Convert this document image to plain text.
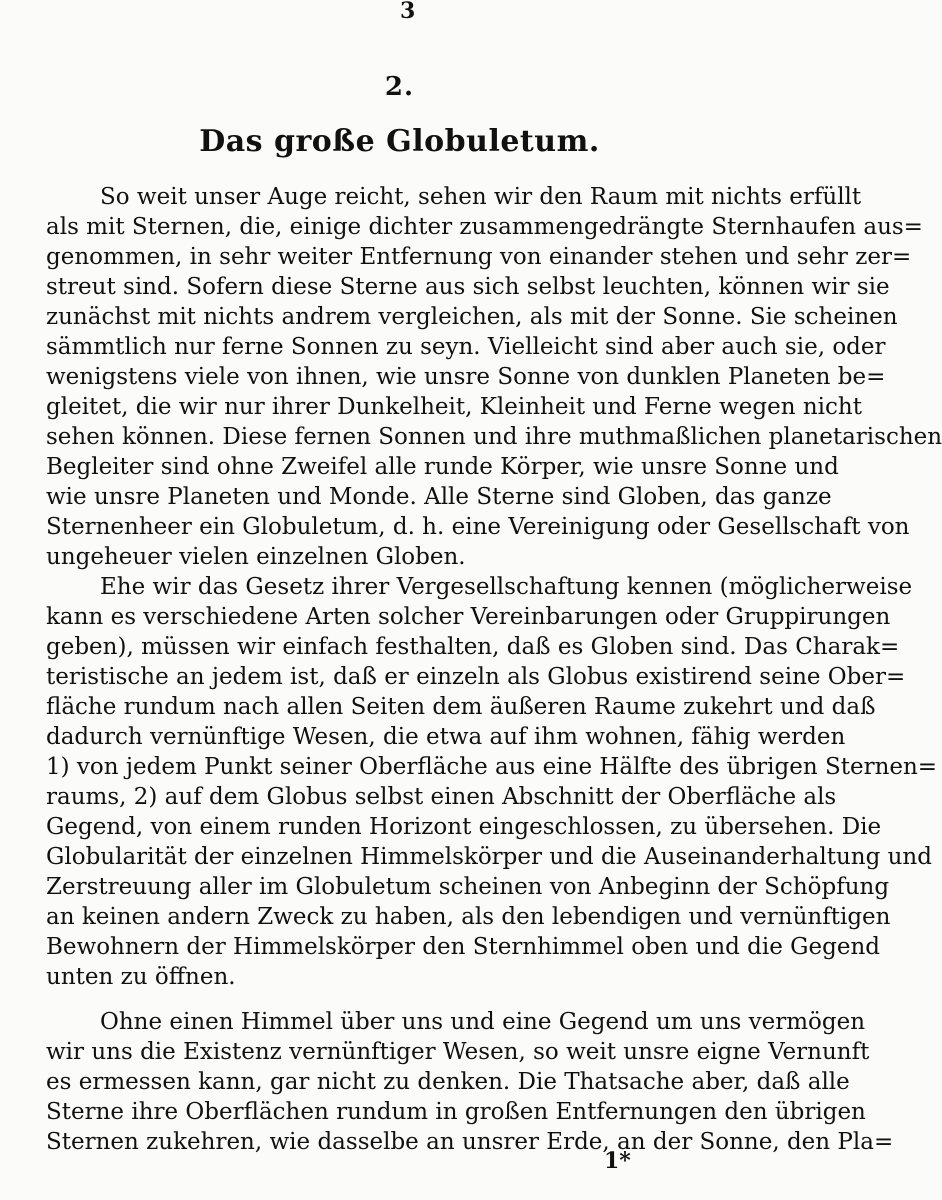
3
2.
Das große Globuletum.
So weit unser Auge reicht, sehen wir den Raum mit nichts erfüllt
als mit Sternen, die, einige dichter zusammengedrängte Sternhaufen aus=
genommen, in sehr weiter Entfernung von einander stehen und sehr zer=
streut sind. Sofern diese Sterne aus sich selbst leuchten, können wir sie
zunächst mit nichts andrem vergleichen, als mit der Sonne. Sie scheinen
sämmtlich nur ferne Sonnen zu seyn. Vielleicht sind aber auch sie, oder
wenigstens viele von ihnen, wie unsre Sonne von dunklen Planeten be=
gleitet, die wir nur ihrer Dunkelheit, Kleinheit und Ferne wegen nicht
sehen können. Diese fernen Sonnen und ihre muthmaßlichen planetarischen
Begleiter sind ohne Zweifel alle runde Körper, wie unsre Sonne und
wie unsre Planeten und Monde. Alle Sterne sind Globen, das ganze
Sternenheer ein Globuletum, d. h. eine Vereinigung oder Gesellschaft von
ungeheuer vielen einzelnen Globen.
Ehe wir das Gesetz ihrer Vergesellschaftung kennen (möglicherweise
kann es verschiedene Arten solcher Vereinbarungen oder Gruppirungen
geben), müssen wir einfach festhalten, daß es Globen sind. Das Charak=
teristische an jedem ist, daß er einzeln als Globus existirend seine Ober=
fläche rundum nach allen Seiten dem äußeren Raume zukehrt und daß
dadurch vernünftige Wesen, die etwa auf ihm wohnen, fähig werden
1) von jedem Punkt seiner Oberfläche aus eine Hälfte des übrigen Sternen=
raums, 2) auf dem Globus selbst einen Abschnitt der Oberfläche als
Gegend, von einem runden Horizont eingeschlossen, zu übersehen. Die
Globularität der einzelnen Himmelskörper und die Auseinanderhaltung und
Zerstreuung aller im Globuletum scheinen von Anbeginn der Schöpfung
an keinen andern Zweck zu haben, als den lebendigen und vernünftigen
Bewohnern der Himmelskörper den Sternhimmel oben und die Gegend
unten zu öffnen.
Ohne einen Himmel über uns und eine Gegend um uns vermögen
wir uns die Existenz vernünftiger Wesen, so weit unsre eigne Vernunft
es ermessen kann, gar nicht zu denken. Die Thatsache aber, daß alle
Sterne ihre Oberflächen rundum in großen Entfernungen den übrigen
Sternen zukehren, wie dasselbe an unsrer Erde, an der Sonne, den Pla=
1*
